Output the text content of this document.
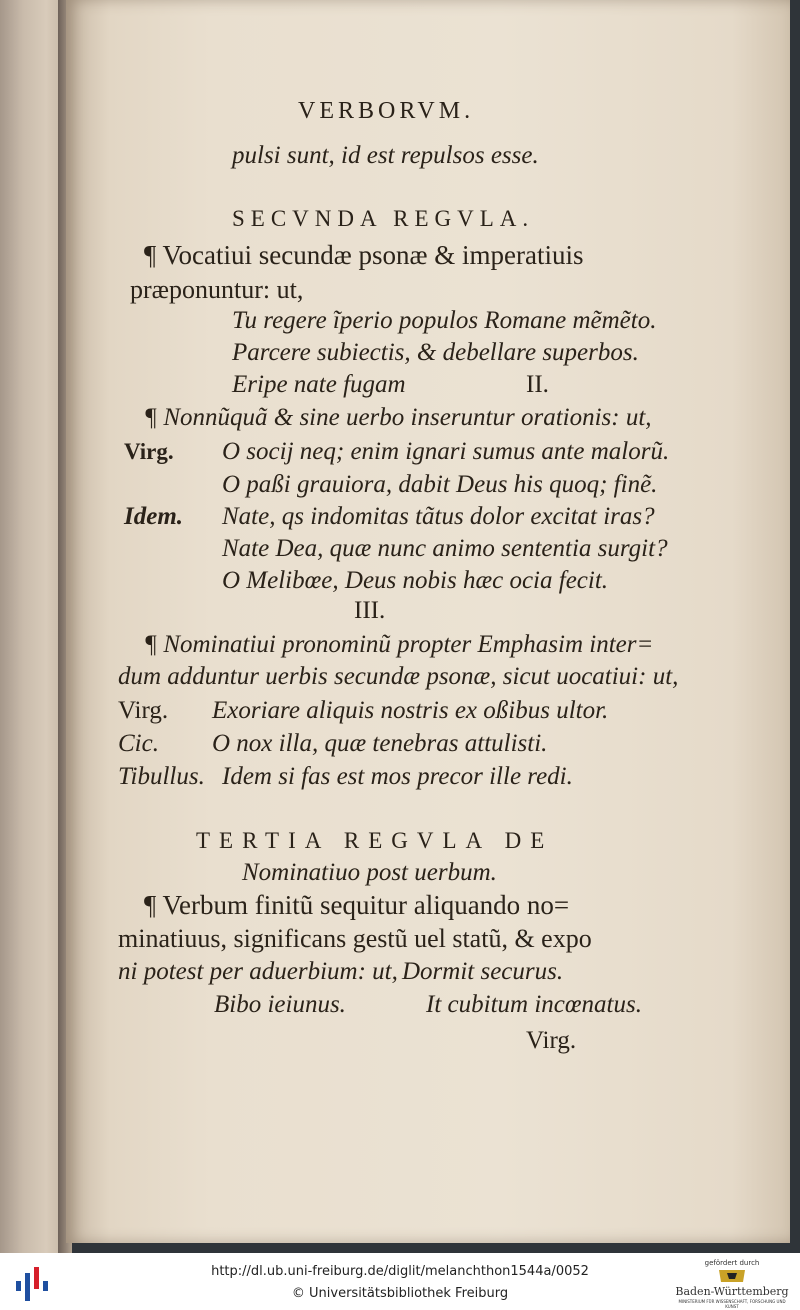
VERBORVM.
pulsi sunt, id est repulsos esse.
SECVNDA REGVLA.
¶ Vocatiui secundæ psonæ & imperatiuis
præponuntur: ut,
Tu regere ĩperio populos Romane mẽmẽto.
Parcere subiectis, & debellare superbos.
Eripe nate fugam	II.
¶ Nonnũquã & sine uerbo inseruntur orationis: ut,
Virg. O socij neq; enim ignari sumus ante malorũ.
O paßi grauiora, dabit Deus his quoq; finẽ.
Idem. Nate, qs indomitas tãtus dolor excitat iras?
Nate Dea, quæ nunc animo sententia surgit?
O Melibœe, Deus nobis hæc ocia fecit.
III.
¶ Nominatiui pronominũ propter Emphasim inter=
dum adduntur uerbis secundæ psonæ, sicut uocatiui: ut,
Virg. Exoriare aliquis nostris ex oßibus ultor.
Cic. O nox illa, quæ tenebras attulisti.
Tibullus. Idem si fas est mos precor ille redi.
TERTIA REGVLA DE
Nominatiuo post uerbum.
¶ Verbum finitũ sequitur aliquando no=
minatiuus, significans gestũ uel statũ, & expo
ni potest per aduerbium: ut, Dormit securus.
Bibo ieiunus.	It cubitum incœnatus.
Virg.
http://dl.ub.uni-freiburg.de/diglit/melanchthon1544a/0052
© Universitätsbibliothek Freiburg
gefördert durch
Baden-Württemberg
MINISTERIUM FÜR WISSENSCHAFT, FORSCHUNG UND KUNST
